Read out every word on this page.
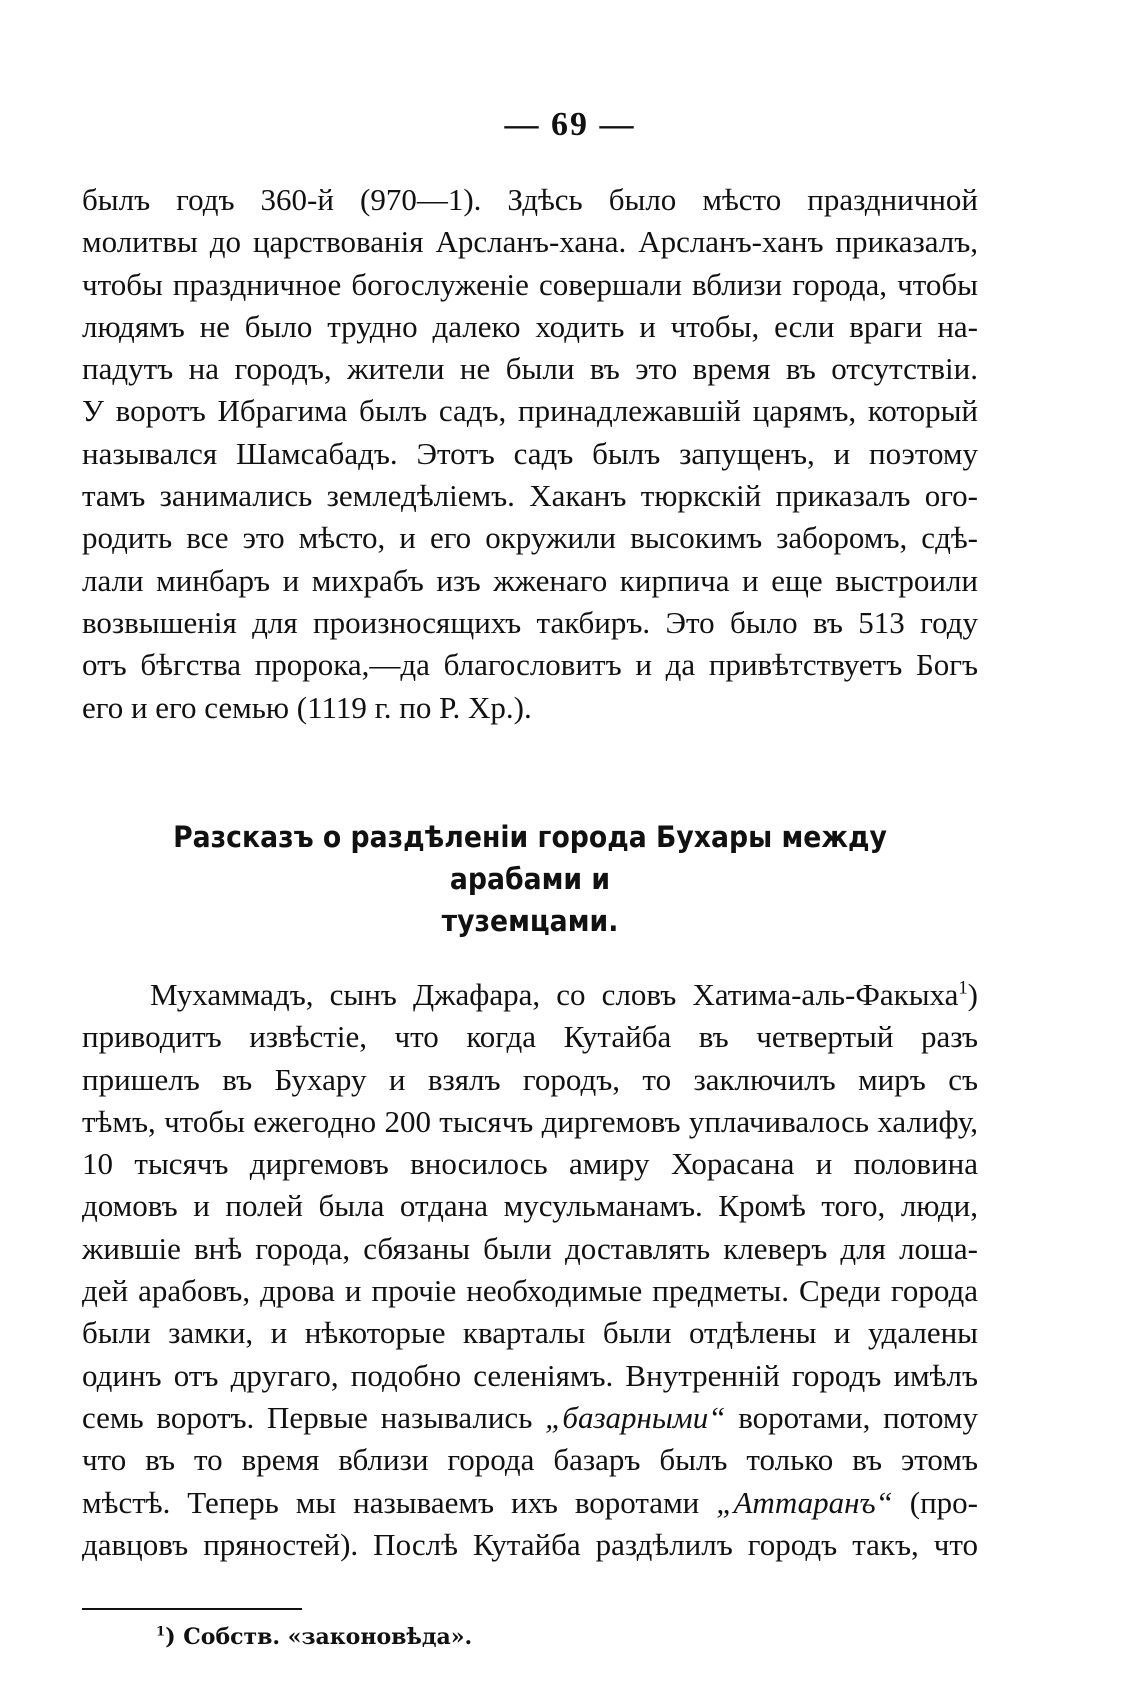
— 69 —
былъ годъ 360-й (970—1). Здѣсь было мѣсто праздничной
молитвы до царствованія Арсланъ-хана. Арсланъ-ханъ приказалъ,
чтобы праздничное богослуженіе совершали вблизи города, чтобы
людямъ не было трудно далеко ходить и чтобы, если враги на-
падутъ на городъ, жители не были въ это время въ отсутствіи.
У воротъ Ибрагима былъ садъ, принадлежавшій царямъ, который
назывался Шамсабадъ. Этотъ садъ былъ запущенъ, и поэтому
тамъ занимались земледѣліемъ. Хаканъ тюркскій приказалъ ого-
родить все это мѣсто, и его окружили высокимъ заборомъ, сдѣ-
лали минбаръ и михрабъ изъ жженаго кирпича и еще выстроили
возвышенія для произносящихъ такбиръ. Это было въ 513 году
отъ бѣгства пророка,—да благословитъ и да привѣтствуетъ Богъ
его и его семью (1119 г. по Р. Хр.).
Разсказъ о раздѣленіи города Бухары между арабами и
туземцами.
Мухаммадъ, сынъ Джафара, со словъ Хатима-аль-Факыха$^1$)
приводитъ извѣстіе, что когда Кутайба въ четвертый разъ
пришелъ въ Бухару и взялъ городъ, то заключилъ миръ съ
тѣмъ, чтобы ежегодно 200 тысячъ диргемовъ уплачивалось халифу,
10 тысячъ диргемовъ вносилось амиру Хорасана и половина
домовъ и полей была отдана мусульманамъ. Кромѣ того, люди,
жившіе внѣ города, сбязаны были доставлять клеверъ для лоша-
дей арабовъ, дрова и прочіе необходимые предметы. Среди города
были замки, и нѣкоторые кварталы были отдѣлены и удалены
одинъ отъ другаго, подобно селеніямъ. Внутренній городъ имѣлъ
семь воротъ. Первые назывались „базарными“ воротами, потому
что въ то время вблизи города базаръ былъ только въ этомъ
мѣстѣ. Теперь мы называемъ ихъ воротами „Аттаранъ“ (про-
давцовъ пряностей). Послѣ Кутайба раздѣлилъ городъ такъ, что
$^1$) Собств. «законовѣда».
